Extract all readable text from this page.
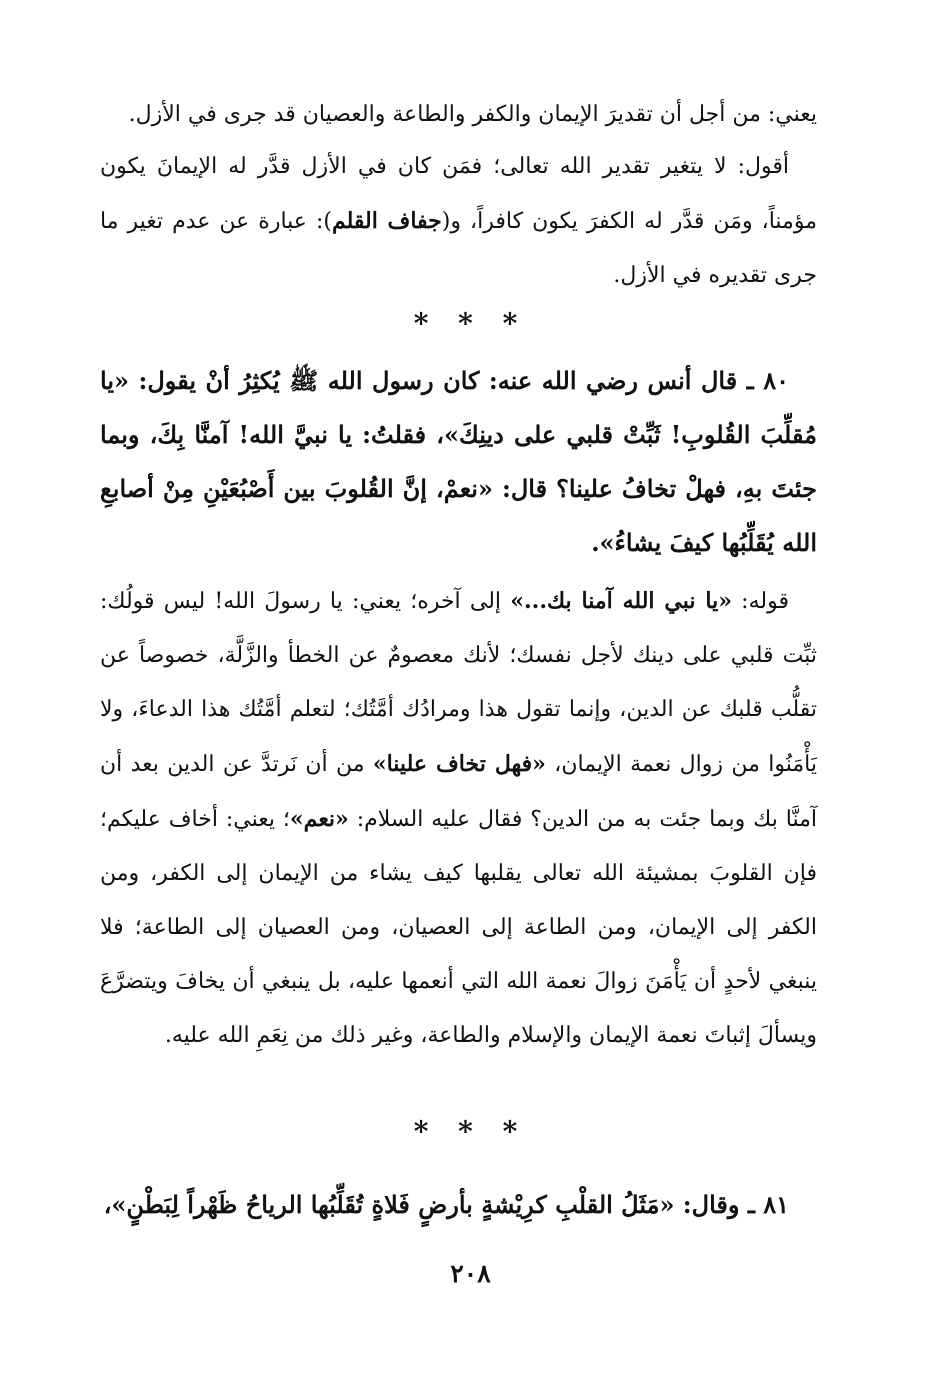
يعني: من أجل أن تقديرَ الإيمان والكفر والطاعة والعصيان قد جرى في الأزل.
أقول: لا يتغير تقدير الله تعالى؛ فمَن كان في الأزل قدَّر له الإيمانَ يكون مؤمناً، ومَن قدَّر له الكفرَ يكون كافراً، و(جفاف القلم): عبارة عن عدم تغير ما جرى تقديره في الأزل.
* * *
٨٠ ـ قال أنس رضي الله عنه: كان رسول الله ﷺ يُكثِرُ أنْ يقول: «يا مُقلِّبَ القُلوبِ! ثَبِّتْ قلبي على دينِكَ»، فقلتُ: يا نبيَّ الله! آمنَّا بِكَ، وبما جئتَ بهِ، فهلْ تخافُ علينا؟ قال: «نعمْ، إنَّ القُلوبَ بين أَصْبُعَيْنِ مِنْ أصابعِ الله يُقَلِّبُها كيفَ يشاءُ».
قوله: «يا نبي الله آمنا بك...» إلى آخره؛ يعني: يا رسولَ الله! ليس قولُك: ثبِّت قلبي على دينك لأجل نفسك؛ لأنك معصومٌ عن الخطأ والزَّلَّة، خصوصاً عن تقلُّب قلبك عن الدين، وإنما تقول هذا ومرادُك أمَّتُك؛ لتعلم أمَّتُك هذا الدعاءَ، ولا يَأْمَنُوا من زوال نعمة الإيمان، «فهل تخاف علينا» من أن نَرتدَّ عن الدين بعد أن آمنَّا بك وبما جئت به من الدين؟ فقال عليه السلام: «نعم»؛ يعني: أخاف عليكم؛ فإن القلوبَ بمشيئة الله تعالى يقلبها كيف يشاء من الإيمان إلى الكفر، ومن الكفر إلى الإيمان، ومن الطاعة إلى العصيان، ومن العصيان إلى الطاعة؛ فلا ينبغي لأحدٍ أن يَأْمَنَ زوالَ نعمة الله التي أنعمها عليه، بل ينبغي أن يخافَ ويتضرَّعَ ويسألَ إثباتَ نعمة الإيمان والإسلام والطاعة، وغير ذلك من نِعَمِ الله عليه.
* * *
٨١ ـ وقال: «مَثَلُ القلْبِ كرِيْشةٍ بأرضٍ فَلاةٍ تُقَلِّبُها الرياحُ ظَهْراً لِبَطْنٍ»،
٢٠٨
